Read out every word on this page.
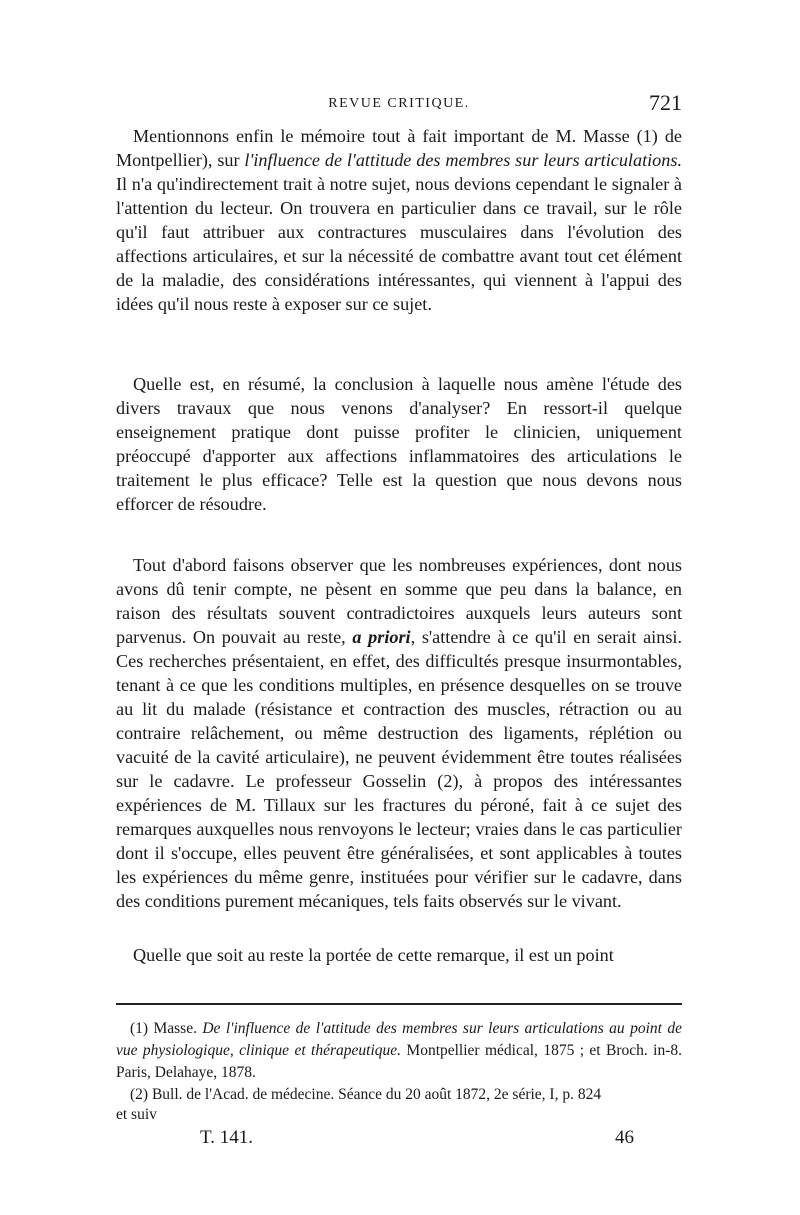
REVUE CRITIQUE.	721

Mentionnons enfin le mémoire tout à fait important de M. Masse (1) de Montpellier), sur l'influence de l'attitude des membres sur leurs articulations. Il n'a qu'indirectement trait à notre sujet, nous devions cependant le signaler à l'attention du lecteur. On trouvera en particulier dans ce travail, sur le rôle qu'il faut attribuer aux contractures musculaires dans l'évolution des affections articulaires, et sur la nécessité de combattre avant tout cet élément de la maladie, des considérations intéressantes, qui viennent à l'appui des idées qu'il nous reste à exposer sur ce sujet.

Quelle est, en résumé, la conclusion à laquelle nous amène l'étude des divers travaux que nous venons d'analyser? En ressort-il quelque enseignement pratique dont puisse profiter le clinicien, uniquement préoccupé d'apporter aux affections inflammatoires des articulations le traitement le plus efficace? Telle est la question que nous devons nous efforcer de résoudre.

Tout d'abord faisons observer que les nombreuses expériences, dont nous avons dû tenir compte, ne pèsent en somme que peu dans la balance, en raison des résultats souvent contradictoires auxquels leurs auteurs sont parvenus. On pouvait au reste, a priori, s'attendre à ce qu'il en serait ainsi. Ces recherches présentaient, en effet, des difficultés presque insurmontables, tenant à ce que les conditions multiples, en présence desquelles on se trouve au lit du malade (résistance et contraction des muscles, rétraction ou au contraire relâchement, ou même destruction des ligaments, réplétion ou vacuité de la cavité articulaire), ne peuvent évidemment être toutes réalisées sur le cadavre. Le professeur Gosselin (2), à propos des intéressantes expériences de M. Tillaux sur les fractures du péroné, fait à ce sujet des remarques auxquelles nous renvoyons le lecteur; vraies dans le cas particulier dont il s'occupe, elles peuvent être généralisées, et sont applicables à toutes les expériences du même genre, instituées pour vérifier sur le cadavre, dans des conditions purement mécaniques, tels faits observés sur le vivant.

Quelle que soit au reste la portée de cette remarque, il est un point

(1) Masse. De l'influence de l'attitude des membres sur leurs articulations au point de vue physiologique, clinique et thérapeutique. Montpellier médical, 1875 ; et Broch. in-8. Paris, Delahaye, 1878.

(2) Bull. de l'Acad. de médecine. Séance du 20 août 1872, 2e série, I, p. 824

et suiv

T. 141.	46
